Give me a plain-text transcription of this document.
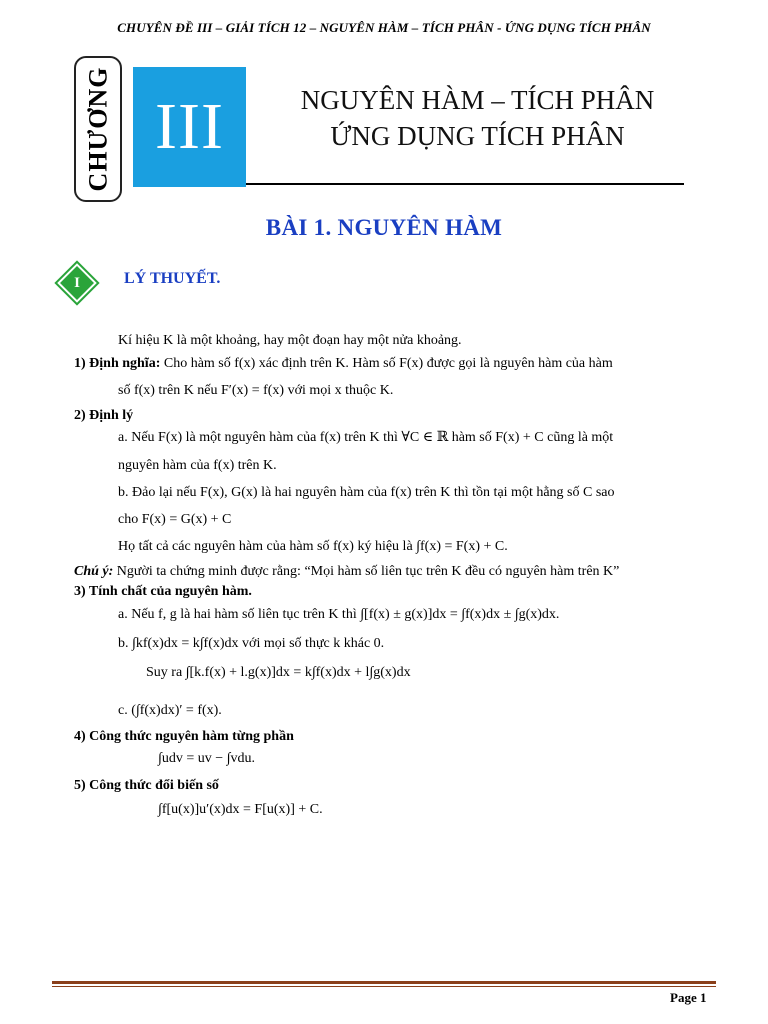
CHUYÊN ĐỀ III – GIẢI TÍCH 12 – NGUYÊN HÀM – TÍCH PHÂN - ỨNG DỤNG TÍCH PHÂN
CHƯƠNG III	NGUYÊN HÀM – TÍCH PHÂN
ỨNG DỤNG TÍCH PHÂN
BÀI 1. NGUYÊN HÀM
I	LÝ THUYẾT.
Kí hiệu K là một khoảng, hay một đoạn hay một nửa khoảng.
1) Định nghĩa: Cho hàm số f(x) xác định trên K. Hàm số F(x) được gọi là nguyên hàm của hàm
số f(x) trên K nếu F′(x) = f(x) với mọi x thuộc K.
2) Định lý
a. Nếu F(x) là một nguyên hàm của f(x) trên K thì ∀C ∈ ℝ hàm số F(x) + C cũng là một
nguyên hàm của f(x) trên K.
b. Đảo lại nếu F(x), G(x) là hai nguyên hàm của f(x) trên K thì tồn tại một hằng số C sao
cho F(x) = G(x) + C
Họ tất cả các nguyên hàm của hàm số f(x) ký hiệu là ∫f(x) = F(x) + C.
Chú ý: Người ta chứng minh được rằng: “Mọi hàm số liên tục trên K đều có nguyên hàm trên K”
3) Tính chất của nguyên hàm.
a. Nếu f, g là hai hàm số liên tục trên K thì ∫[f(x) ± g(x)]dx = ∫f(x)dx ± ∫g(x)dx.
b. ∫kf(x)dx = k∫f(x)dx với mọi số thực k khác 0.
Suy ra ∫[k.f(x) + l.g(x)]dx = k∫f(x)dx + l∫g(x)dx
c. (∫f(x)dx)′ = f(x).
4) Công thức nguyên hàm từng phần
∫udv = uv − ∫vdu.
5) Công thức đổi biến số
∫f[u(x)]u′(x)dx = F[u(x)] + C.
Page 1
